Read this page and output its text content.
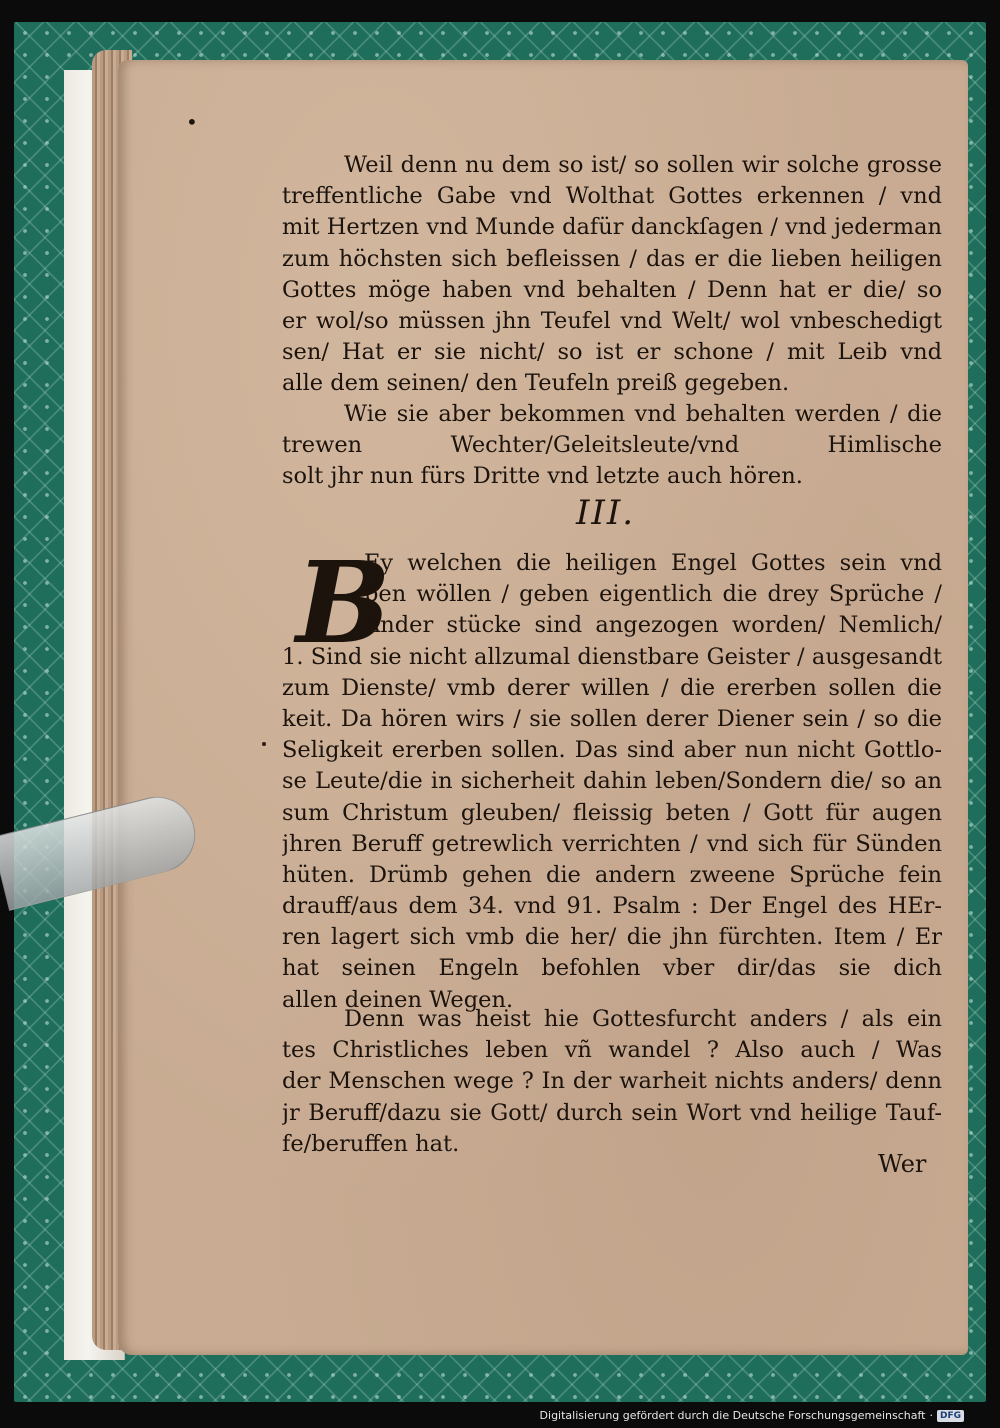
•
Weil denn nu dem so ist/ so sollen wir solche grosse
treffentliche Gabe vnd Wolthat Gottes erkennen / vnd
mit Hertzen vnd Munde dafür danckſagen / vnd jederman
zum höchsten sich befleissen / das er die lieben heiligen
Gottes möge haben vnd behalten / Denn hat er die/ so
er wol/so müssen jhn Teufel vnd Welt/ wol vnbeschedigt
sen/ Hat er sie nicht/ so ist er schone / mit Leib vnd
alle dem seinen/ den Teufeln preiß gegeben.
Wie sie aber bekommen vnd behalten werden / die
trewen Wechter/Geleitsleute/vnd Himlische
solt jhr nun fürs Dritte vnd letzte auch hören.
III.
B
Ey welchen die heiligen Engel Gottes sein vnd
ben wöllen / geben eigentlich die drey Sprüche /
Ander stücke sind angezogen worden/ Nemlich/
1. Sind sie nicht allzumal dienstbare Geister / ausgesandt
zum Dienste/ vmb derer willen / die ererben sollen die
keit. Da hören wirs / sie sollen derer Diener sein / so die
Seligkeit ererben sollen. Das sind aber nun nicht Gottlo-
se Leute/die in sicherheit dahin leben/Sondern die/ so an
sum Christum gleuben/ fleissig beten / Gott für augen
jhren Beruff getrewlich verrichten / vnd sich für Sünden
hüten. Drümb gehen die andern zweene Sprüche fein
drauff/aus dem 34. vnd 91. Psalm : Der Engel des HEr-
ren lagert sich vmb die her/ die jhn fürchten. Item / Er
hat seinen Engeln befohlen vber dir/das sie dich
allen deinen Wegen.
Denn was heist hie Gottesfurcht anders / als ein
tes Christliches leben vñ wandel ? Also auch / Was
der Menschen wege ? In der warheit nichts anders/ denn
jr Beruff/dazu sie Gott/ durch sein Wort vnd heilige Tauf-
fe/beruffen hat.
Wer
Digitalisierung gefördert durch die Deutsche Forschungsgemeinschaft · DFG
